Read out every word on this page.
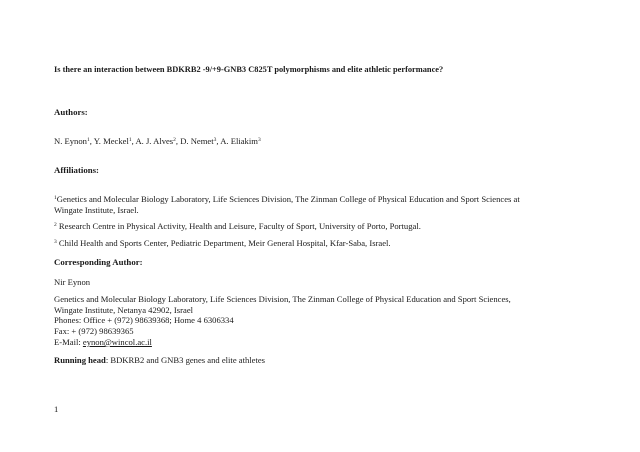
Is there an interaction between BDKRB2 -9/+9-GNB3 C825T polymorphisms and elite athletic performance?
Authors:
N. Eynon$^1$, Y. Meckel$^1$, A. J. Alves$^2$, D. Nemet$^3$, A. Eliakim$^3$
Affiliations:
$^1$Genetics and Molecular Biology Laboratory, Life Sciences Division, The Zinman College of Physical Education and Sport Sciences at
Wingate Institute, Israel.
$^2$ Research Centre in Physical Activity, Health and Leisure, Faculty of Sport, University of Porto, Portugal.
$^3$ Child Health and Sports Center, Pediatric Department, Meir General Hospital, Kfar-Saba, Israel.
Corresponding Author:
Nir Eynon
Genetics and Molecular Biology Laboratory, Life Sciences Division, The Zinman College of Physical Education and Sport Sciences,
Wingate Institute, Netanya 42902, Israel
Phones: Office + (972) 98639368; Home 4 6306334
Fax: + (972) 98639365
E-Mail: eynon@wincol.ac.il
Running head: BDKRB2 and GNB3 genes and elite athletes
1
